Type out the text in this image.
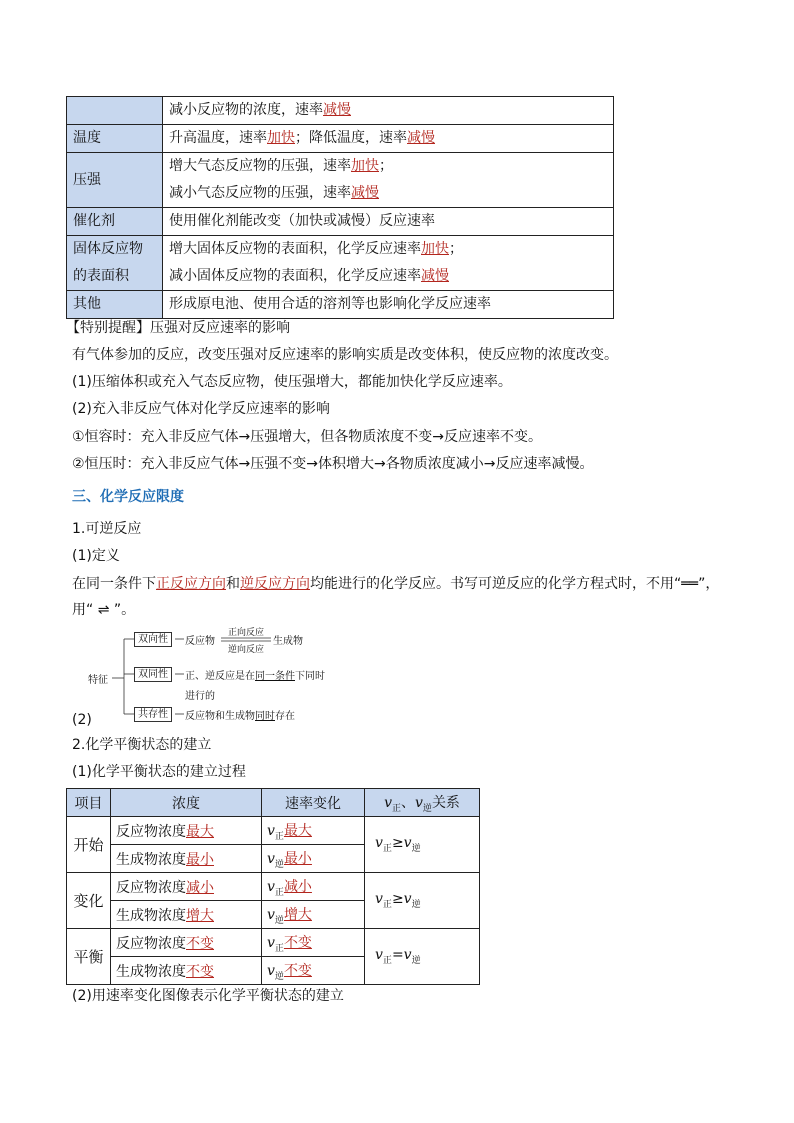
	减小反应物的浓度，速率减慢
温度	升高温度，速率加快；降低温度，速率减慢
压强	增大气态反应物的压强，速率加快；
减小气态反应物的压强，速率减慢

催化剂	使用催化剂能改变（加快或减慢）反应速率
固体反应物的表面积	增大固体反应物的表面积，化学反应速率加快；
减小固体反应物的表面积，化学反应速率减慢

其他	形成原电池、使用合适的溶剂等也影响化学反应速率
【特别提醒】压强对反应速率的影响
有气体参加的反应，改变压强对反应速率的影响实质是改变体积，使反应物的浓度改变。
(1)压缩体积或充入气态反应物，使压强增大，都能加快化学反应速率。
(2)充入非反应气体对化学反应速率的影响
①恒容时：充入非反应气体→压强增大，但各物质浓度不变→反应速率不变。
②恒压时：充入非反应气体→压强不变→体积增大→各物质浓度减小→反应速率减慢。
三、化学反应限度
1.可逆反应
(1)定义
在同一条件下正反应方向和逆反应方向均能进行的化学反应。书写可逆反应的化学方程式时，不用“══”，
用“ ⇌ ”。
特征
双向性	反应物
正向反应
逆向反应
生成物
双同性	正、逆反应是在同一条件下同时
进行的
共存性	反应物和生成物同时存在
(2)
2.化学平衡状态的建立
(1)化学平衡状态的建立过程
项目	浓度	速率变化	$v_正$、$v_逆$关系
开始	反应物浓度最大	$v_正$最大	$v_正\ge v_逆$
	生成物浓度最小	$v_逆$最小	
变化	反应物浓度减小	$v_正$减小	$v_正\ge v_逆$
	生成物浓度增大	$v_逆$增大	
平衡	反应物浓度不变	$v_正$不变	$v_正=v_逆$
	生成物浓度不变	$v_逆$不变	
(2)用速率变化图像表示化学平衡状态的建立
